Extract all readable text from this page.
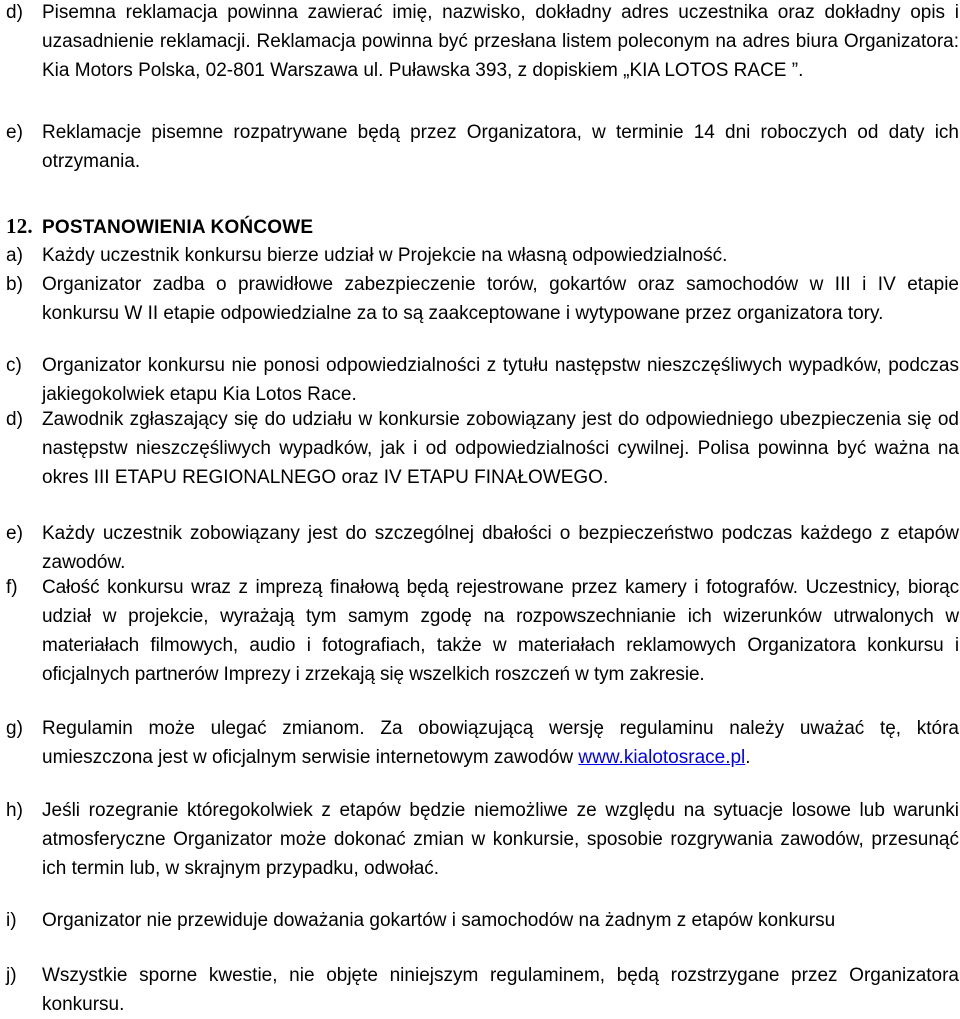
d)	Pisemna reklamacja powinna zawierać imię, nazwisko, dokładny adres uczestnika oraz dokładny opis i uzasadnienie reklamacji. Reklamacja powinna być przesłana listem poleconym na adres biura Organizatora: Kia Motors Polska, 02-801 Warszawa ul. Puławska 393, z dopiskiem „KIA LOTOS RACE ”.
e)	Reklamacje pisemne rozpatrywane będą przez Organizatora, w terminie 14 dni roboczych od daty ich otrzymania.
12. POSTANOWIENIA KOŃCOWE
a)	Każdy uczestnik konkursu bierze udział w Projekcie na własną odpowiedzialność.
b)	Organizator zadba o prawidłowe zabezpieczenie torów, gokartów oraz samochodów w III i IV etapie konkursu W II etapie odpowiedzialne za to są zaakceptowane i wytypowane przez organizatora tory.
c)	Organizator konkursu nie ponosi odpowiedzialności z tytułu następstw nieszczęśliwych wypadków, podczas jakiegokolwiek etapu Kia Lotos Race.
d)	Zawodnik zgłaszający się do udziału w konkursie zobowiązany jest do odpowiedniego ubezpieczenia się od następstw nieszczęśliwych wypadków, jak i od odpowiedzialności cywilnej. Polisa powinna być ważna na okres III ETAPU REGIONALNEGO oraz IV ETAPU FINAŁOWEGO.
e)	Każdy uczestnik zobowiązany jest do szczególnej dbałości o bezpieczeństwo podczas każdego z etapów zawodów.
f)	Całość konkursu wraz z imprezą finałową będą rejestrowane przez kamery i fotografów. Uczestnicy, biorąc udział w projekcie, wyrażają tym samym zgodę na rozpowszechnianie ich wizerunków utrwalonych w materiałach filmowych, audio i fotografiach, także w materiałach reklamowych Organizatora konkursu i oficjalnych partnerów Imprezy i zrzekają się wszelkich roszczeń w tym zakresie.
g)	Regulamin może ulegać zmianom. Za obowiązującą wersję regulaminu należy uważać tę, która umieszczona jest w oficjalnym serwisie internetowym zawodów www.kialotosrace.pl.
h)	Jeśli rozegranie któregokolwiek z etapów będzie niemożliwe ze względu na sytuacje losowe lub warunki atmosferyczne Organizator może dokonać zmian w konkursie, sposobie rozgrywania zawodów, przesunąć ich termin lub, w skrajnym przypadku, odwołać.
i)	Organizator nie przewiduje doważania gokartów i samochodów na żadnym z etapów konkursu
j)	Wszystkie sporne kwestie, nie objęte niniejszym regulaminem, będą rozstrzygane przez Organizatora konkursu.
